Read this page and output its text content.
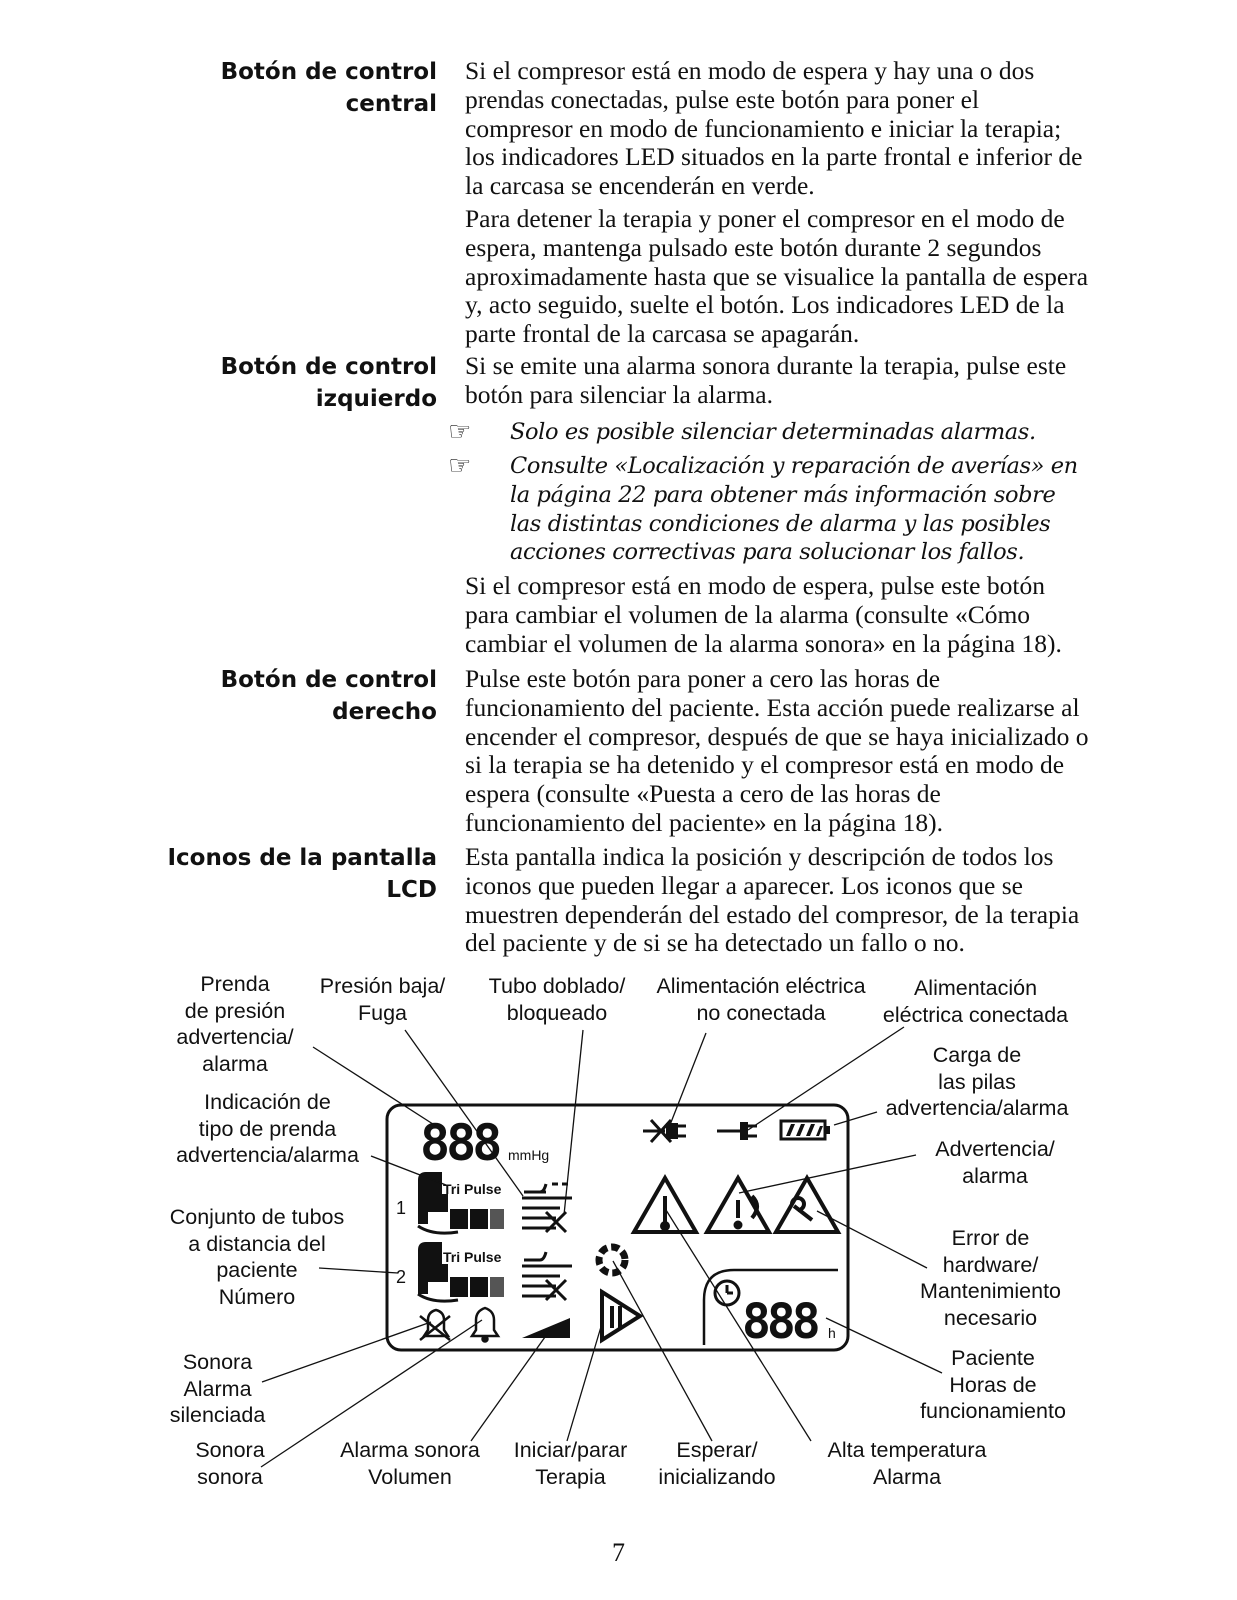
Botón de control
central
Botón de control
izquierdo
Botón de control
derecho
Iconos de la pantalla
LCD
Si el compresor está en modo de espera y hay una o dos prendas conectadas, pulse este botón para poner el compresor en modo de funcionamiento e iniciar la terapia; los indicadores LED situados en la parte frontal e inferior de la carcasa se encenderán en verde.
Para detener la terapia y poner el compresor en el modo de espera, mantenga pulsado este botón durante 2 segundos aproximadamente hasta que se visualice la pantalla de espera y, acto seguido, suelte el botón. Los indicadores LED de la parte frontal de la carcasa se apagarán.
Si se emite una alarma sonora durante la terapia, pulse este botón para silenciar la alarma.
☞ Solo es posible silenciar determinadas alarmas.
☞ Consulte «Localización y reparación de averías» en la página 22 para obtener más información sobre las distintas condiciones de alarma y las posibles acciones correctivas para solucionar los fallos.
Si el compresor está en modo de espera, pulse este botón para cambiar el volumen de la alarma (consulte «Cómo cambiar el volumen de la alarma sonora» en la página 18).
Pulse este botón para poner a cero las horas de funcionamiento del paciente. Esta acción puede realizarse al encender el compresor, después de que se haya inicializado o si la terapia se ha detenido y el compresor está en modo de espera (consulte «Puesta a cero de las horas de funcionamiento del paciente» en la página 18).
Esta pantalla indica la posición y descripción de todos los iconos que pueden llegar a aparecer. Los iconos que se muestren dependerán del estado del compresor, de la terapia del paciente y de si se ha detectado un fallo o no.
888 mmHg
Tri Pulse
1
Tri Pulse
2
888 h
Prenda
de presión
advertencia/
alarma
Presión baja/
Fuga
Tubo doblado/
bloqueado
Alimentación eléctrica
no conectada
Alimentación
eléctrica conectada
Carga de
las pilas
advertencia/alarma
Indicación de
tipo de prenda
advertencia/alarma	Advertencia/
alarma
Conjunto de tubos
a distancia del
paciente
Número
Error de
hardware/
Mantenimiento
necesario
Paciente
Horas de
funcionamiento
Sonora
Alarma
silenciada
Sonora
sonora
Alarma sonora
Volumen
Iniciar/parar
Terapia
Esperar/
inicializando
Alta temperatura
Alarma
7
